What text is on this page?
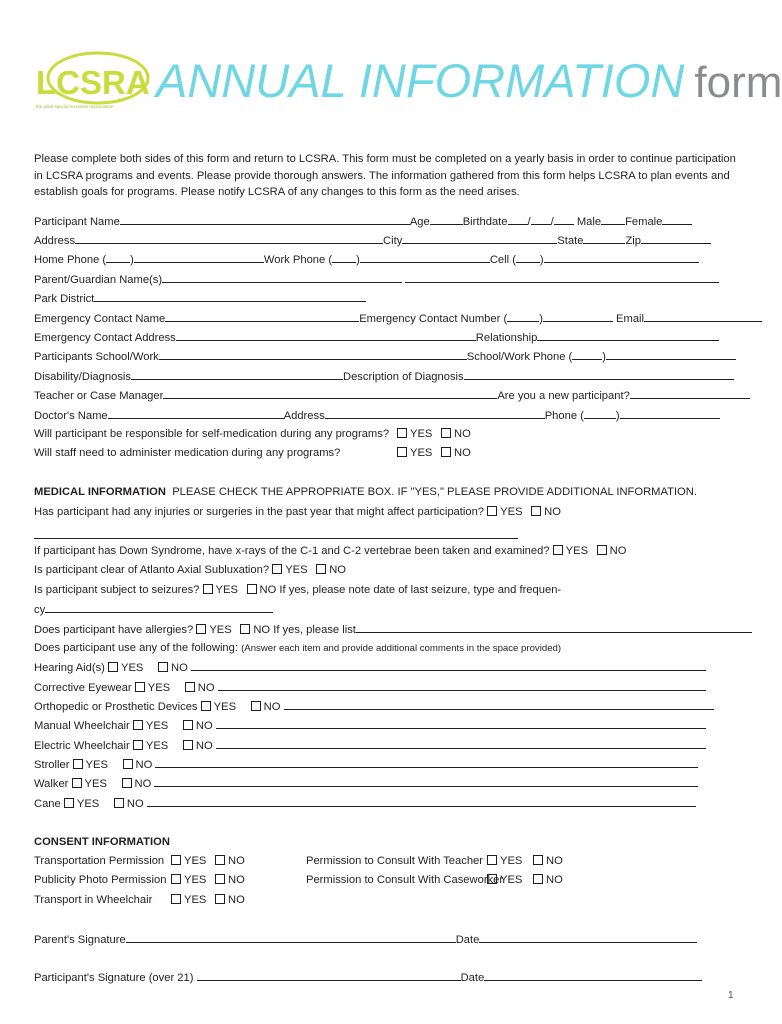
LCSRA
the adult special recreation association ANNUAL INFORMATION form
Please complete both sides of this form and return to LCSRA. This form must be completed on a yearly basis in order to continue participation in LCSRA programs and events. Please provide thorough answers. The information gathered from this form helps LCSRA to plan events and establish goals for programs. Please notify LCSRA of any changes to this form as the need arises.
Participant Name	Age	Birthdate / / Male Female
Address	City	State	Zip
Home Phone ( )	Work Phone ( )	Cell ( )
Parent/Guardian Name(s)
Park District
Emergency Contact Name	Emergency Contact Number (	)	Email
Emergency Contact Address	Relationship
Participants School/Work	School/Work Phone (	)
Disability/Diagnosis	Description of Diagnosis
Teacher or Case Manager	Are you a new participant?
Doctor's Name	Address	Phone (	)
Will participant be responsible for self-medication during any programs? YES NO
Will staff need to administer medication during any programs?	YES NO
MEDICAL INFORMATION PLEASE CHECK THE APPROPRIATE BOX. IF "YES," PLEASE PROVIDE ADDITIONAL INFORMATION.
Has participant had any injuries or surgeries in the past year that might affect participation? YES NO
If participant has Down Syndrome, have x-rays of the C-1 and C-2 vertebrae been taken and examined? YES NO
Is participant clear of Atlanto Axial Subluxation? YES NO
Is participant subject to seizures? YES NO If yes, please note date of last seizure, type and frequen-
cy
Does participant have allergies? YES NO If yes, please list
Does participant use any of the following: (Answer each item and provide additional comments in the space provided)
Hearing Aid(s) YES NO
Corrective Eyewear YES NO
Orthopedic or Prosthetic Devices YES NO
Manual Wheelchair YES NO
Electric Wheelchair YES NO
Stroller YES NO
Walker YES NO
Cane YES NO
CONSENT INFORMATION
Transportation Permission YES NO	Permission to Consult With Teacher YES NO
Publicity Photo Permission YES NO	Permission to Consult With CaseworkerYES NO
Transport in Wheelchair	YES NO
Parent's Signature	Date
Participant's Signature (over 21)	Date
1
